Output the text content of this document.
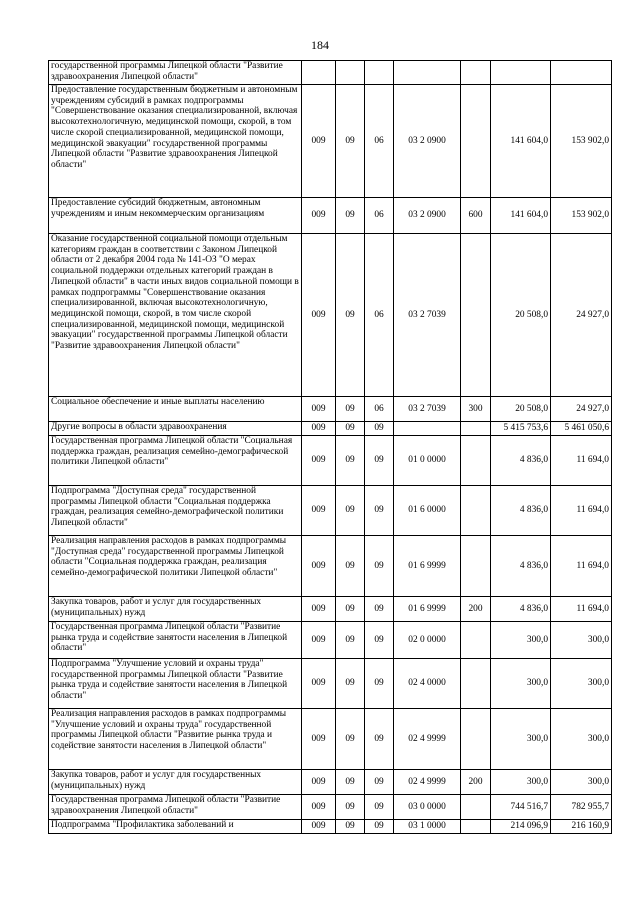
184
государственной программы Липецкой области "Развитие здравоохранения Липецкой области"							
Предоставление государственным бюджетным и автономным учреждениям субсидий в рамках подпрограммы "Совершенствование оказания специализированной, включая высокотехнологичную, медицинской помощи, скорой, в том числе скорой специализированной, медицинской помощи, медицинской эвакуации" государственной программы Липецкой области "Развитие здравоохранения Липецкой области"	009	09	06	03 2 0900		141 604,0	153 902,0
Предоставление субсидий бюджетным, автономным учреждениям и иным некоммерческим организациям	009	09	06	03 2 0900	600	141 604,0	153 902,0
Оказание государственной социальной помощи отдельным категориям граждан в соответствии с Законом Липецкой области от 2 декабря 2004 года № 141-ОЗ "О мерах социальной поддержки отдельных категорий граждан в Липецкой области" в части иных видов социальной помощи в рамках подпрограммы "Совершенствование оказания специализированной, включая высокотехнологичную, медицинской помощи, скорой, в том числе скорой специализированной, медицинской помощи, медицинской эвакуации" государственной программы Липецкой области "Развитие здравоохранения Липецкой области"	009	09	06	03 2 7039		20 508,0	24 927,0
Социальное обеспечение и иные выплаты населению	009	09	06	03 2 7039	300	20 508,0	24 927,0
Другие вопросы в области здравоохранения	009	09	09			5 415 753,6	5 461 050,6
Государственная программа Липецкой области "Социальная поддержка граждан, реализация семейно-демографической политики Липецкой области"	009	09	09	01 0 0000		4 836,0	11 694,0
Подпрограмма "Доступная среда" государственной программы Липецкой области "Социальная поддержка граждан, реализация семейно-демографической политики Липецкой области"	009	09	09	01 6 0000		4 836,0	11 694,0
Реализация направления расходов в рамках подпрограммы "Доступная среда" государственной программы Липецкой области "Социальная поддержка граждан, реализация семейно-демографической политики Липецкой области"	009	09	09	01 6 9999		4 836,0	11 694,0
Закупка товаров, работ и услуг для государственных (муниципальных) нужд	009	09	09	01 6 9999	200	4 836,0	11 694,0
Государственная программа Липецкой области "Развитие рынка труда и содействие занятости населения в Липецкой области"	009	09	09	02 0 0000		300,0	300,0
Подпрограмма "Улучшение условий и охраны труда" государственной программы Липецкой области "Развитие рынка труда и содействие занятости населения в Липецкой области"	009	09	09	02 4 0000		300,0	300,0
Реализация направления расходов в рамках подпрограммы "Улучшение условий и охраны труда" государственной программы Липецкой области "Развитие рынка труда и содействие занятости населения в Липецкой области"	009	09	09	02 4 9999		300,0	300,0
Закупка товаров, работ и услуг для государственных (муниципальных) нужд	009	09	09	02 4 9999	200	300,0	300,0
Государственная программа Липецкой области "Развитие здравоохранения Липецкой области"	009	09	09	03 0 0000		744 516,7	782 955,7
Подпрограмма "Профилактика заболеваний и	009	09	09	03 1 0000		214 096,9	216 160,9
